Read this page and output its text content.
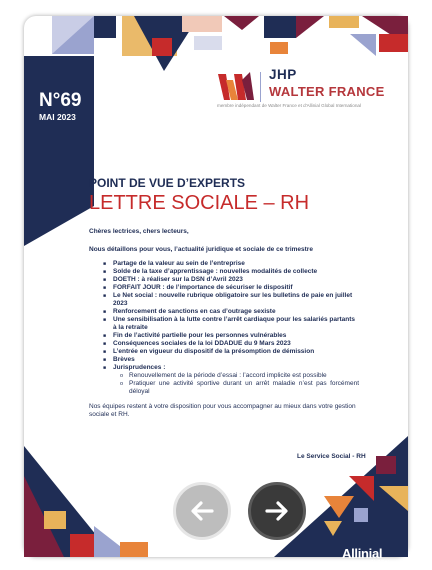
N°69
MAI 2023
JHP
WALTER FRANCE
membre indépendant de Walter France et d'Allinial Global International
POINT DE VUE D’EXPERTS
LETTRE SOCIALE – RH

Chères lectrices, chers lecteurs,

Nous détaillons pour vous, l’actualité juridique et sociale de ce trimestre

■ Partage de la valeur au sein de l’entreprise
■ Solde de la taxe d’apprentissage : nouvelles modalités de collecte
■ DOETH : à réaliser sur la DSN d’Avril 2023
■ FORFAIT JOUR : de l’importance de sécuriser le dispositif
■ Le Net social : nouvelle rubrique obligatoire sur les bulletins de paie en juillet 2023
■ Renforcement de sanctions en cas d’outrage sexiste
■ Une sensibilisation à la lutte contre l’arrêt cardiaque pour les salariés partants à la retraite
■ Fin de l’activité partielle pour les personnes vulnérables
■ Conséquences sociales de la loi DDADUE du 9 Mars 2023
■ L’entrée en vigueur du dispositif de la présomption de démission
■ Brèves
■ Jurisprudences :
o Renouvellement de la période d’essai : l’accord implicite est possible
o Pratiquer une activité sportive durant un arrêt maladie n’est pas forcément déloyal

Nos équipes restent à votre disposition pour vous accompagner au mieux dans votre gestion sociale et RH.

Le Service Social - RH
Allinial
GLOBAL
